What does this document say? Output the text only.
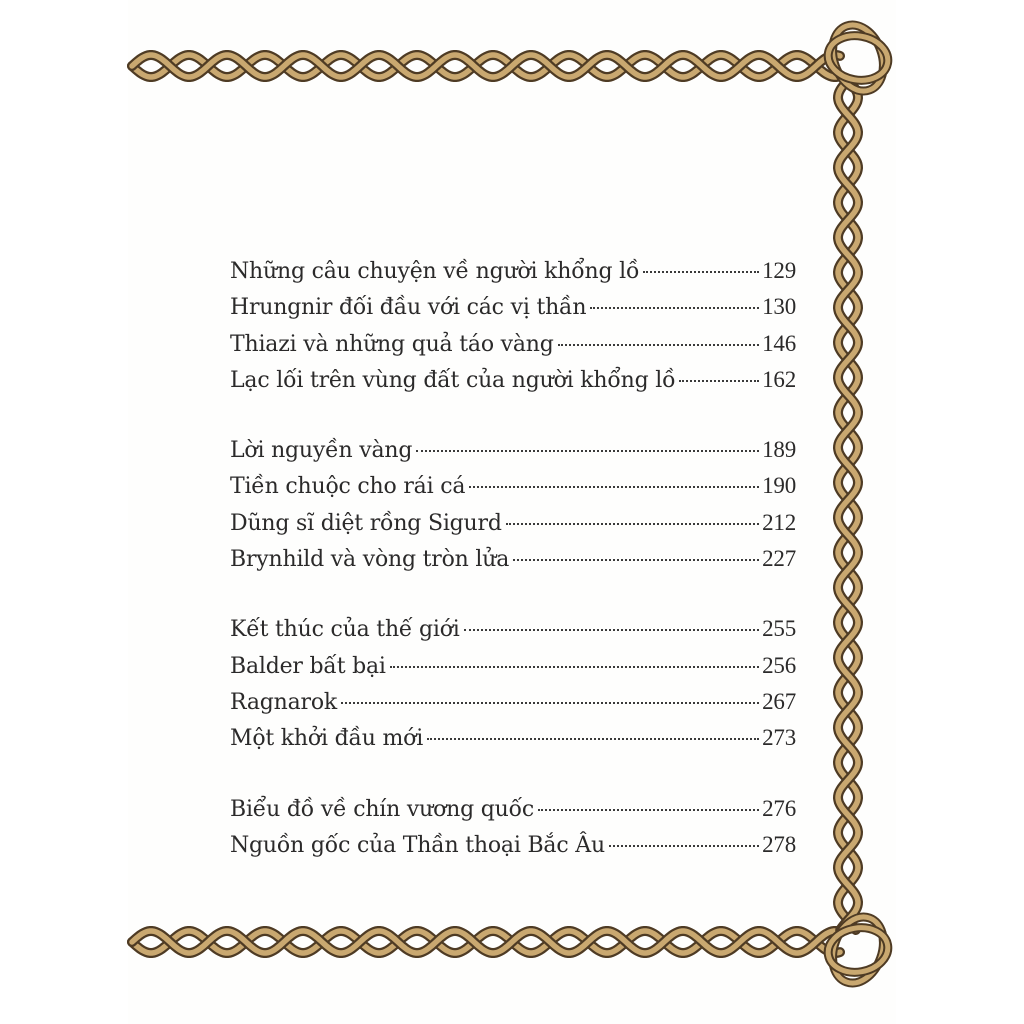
Những câu chuyện về người khổng lồ	129
Hrungnir đối đầu với các vị thần	130
Thiazi và những quả táo vàng	146
Lạc lối trên vùng đất của người khổng lồ	162
Lời nguyền vàng	189
Tiền chuộc cho rái cá	190
Dũng sĩ diệt rồng Sigurd	212
Brynhild và vòng tròn lửa	227
Kết thúc của thế giới	255
Balder bất bại	256
Ragnarok	267
Một khởi đầu mới	273
Biểu đồ về chín vương quốc	276
Nguồn gốc của Thần thoại Bắc Âu	278
